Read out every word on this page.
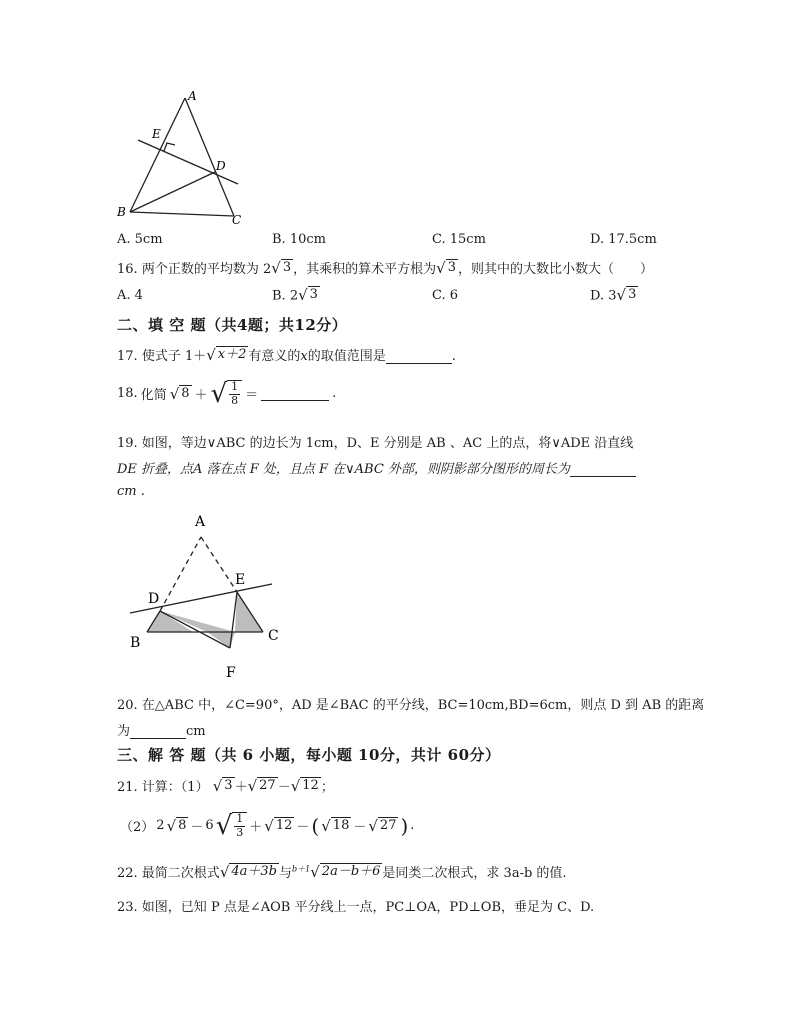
A
E
D
B
C
A. 5cm	B. 10cm	C. 15cm	D. 17.5cm
16. 两个正数的平均数为 2 √ 3 ，其乘积的算术平方根为 √ 3 ，则其中的大数比小数大（　　）
A. 4	B. 2 √ 3	C. 6	D. 3 √ 3
二、填 空 题（共4题；共12分）
17. 使式子 1＋ √ x＋2 有意义的x的取值范围是	.
18. 化简 √ 8 ＋ √ $\frac{1}{8}$ ＝	.
19. 如图，等边∨ABC 的边长为 1cm，D、E 分别是 AB 、AC 上的点，将∨ADE 沿直线
DE 折叠，点A 落在点 F 处，且点 F 在∨ABC 外部，则阴影部分图形的周长为
cm .
A
D
E
B	C
F
20. 在△ABC 中，∠C=90°，AD 是∠BAC 的平分线，BC=10cm,BD=6cm，则点 D 到 AB 的距离
为	cm
三、解 答 题（共 6 小题，每小题 10分，共计 60分）
21. 计算：（1） √ 3 ＋ √ 27 － √ 12 ；
（2） 2 √ 8 － 6 √ $\frac{1}{3}$ ＋ √ 12 － ( √ 18 － √ 27 ) .
22. 最简二次根式 √ 4a＋3b 与$^{b+1}$ √ 2a－b＋6 是同类二次根式，求 3a-b 的值.
23. 如图，已知 P 点是∠AOB 平分线上一点，PC⊥OA，PD⊥OB，垂足为 C、D.
